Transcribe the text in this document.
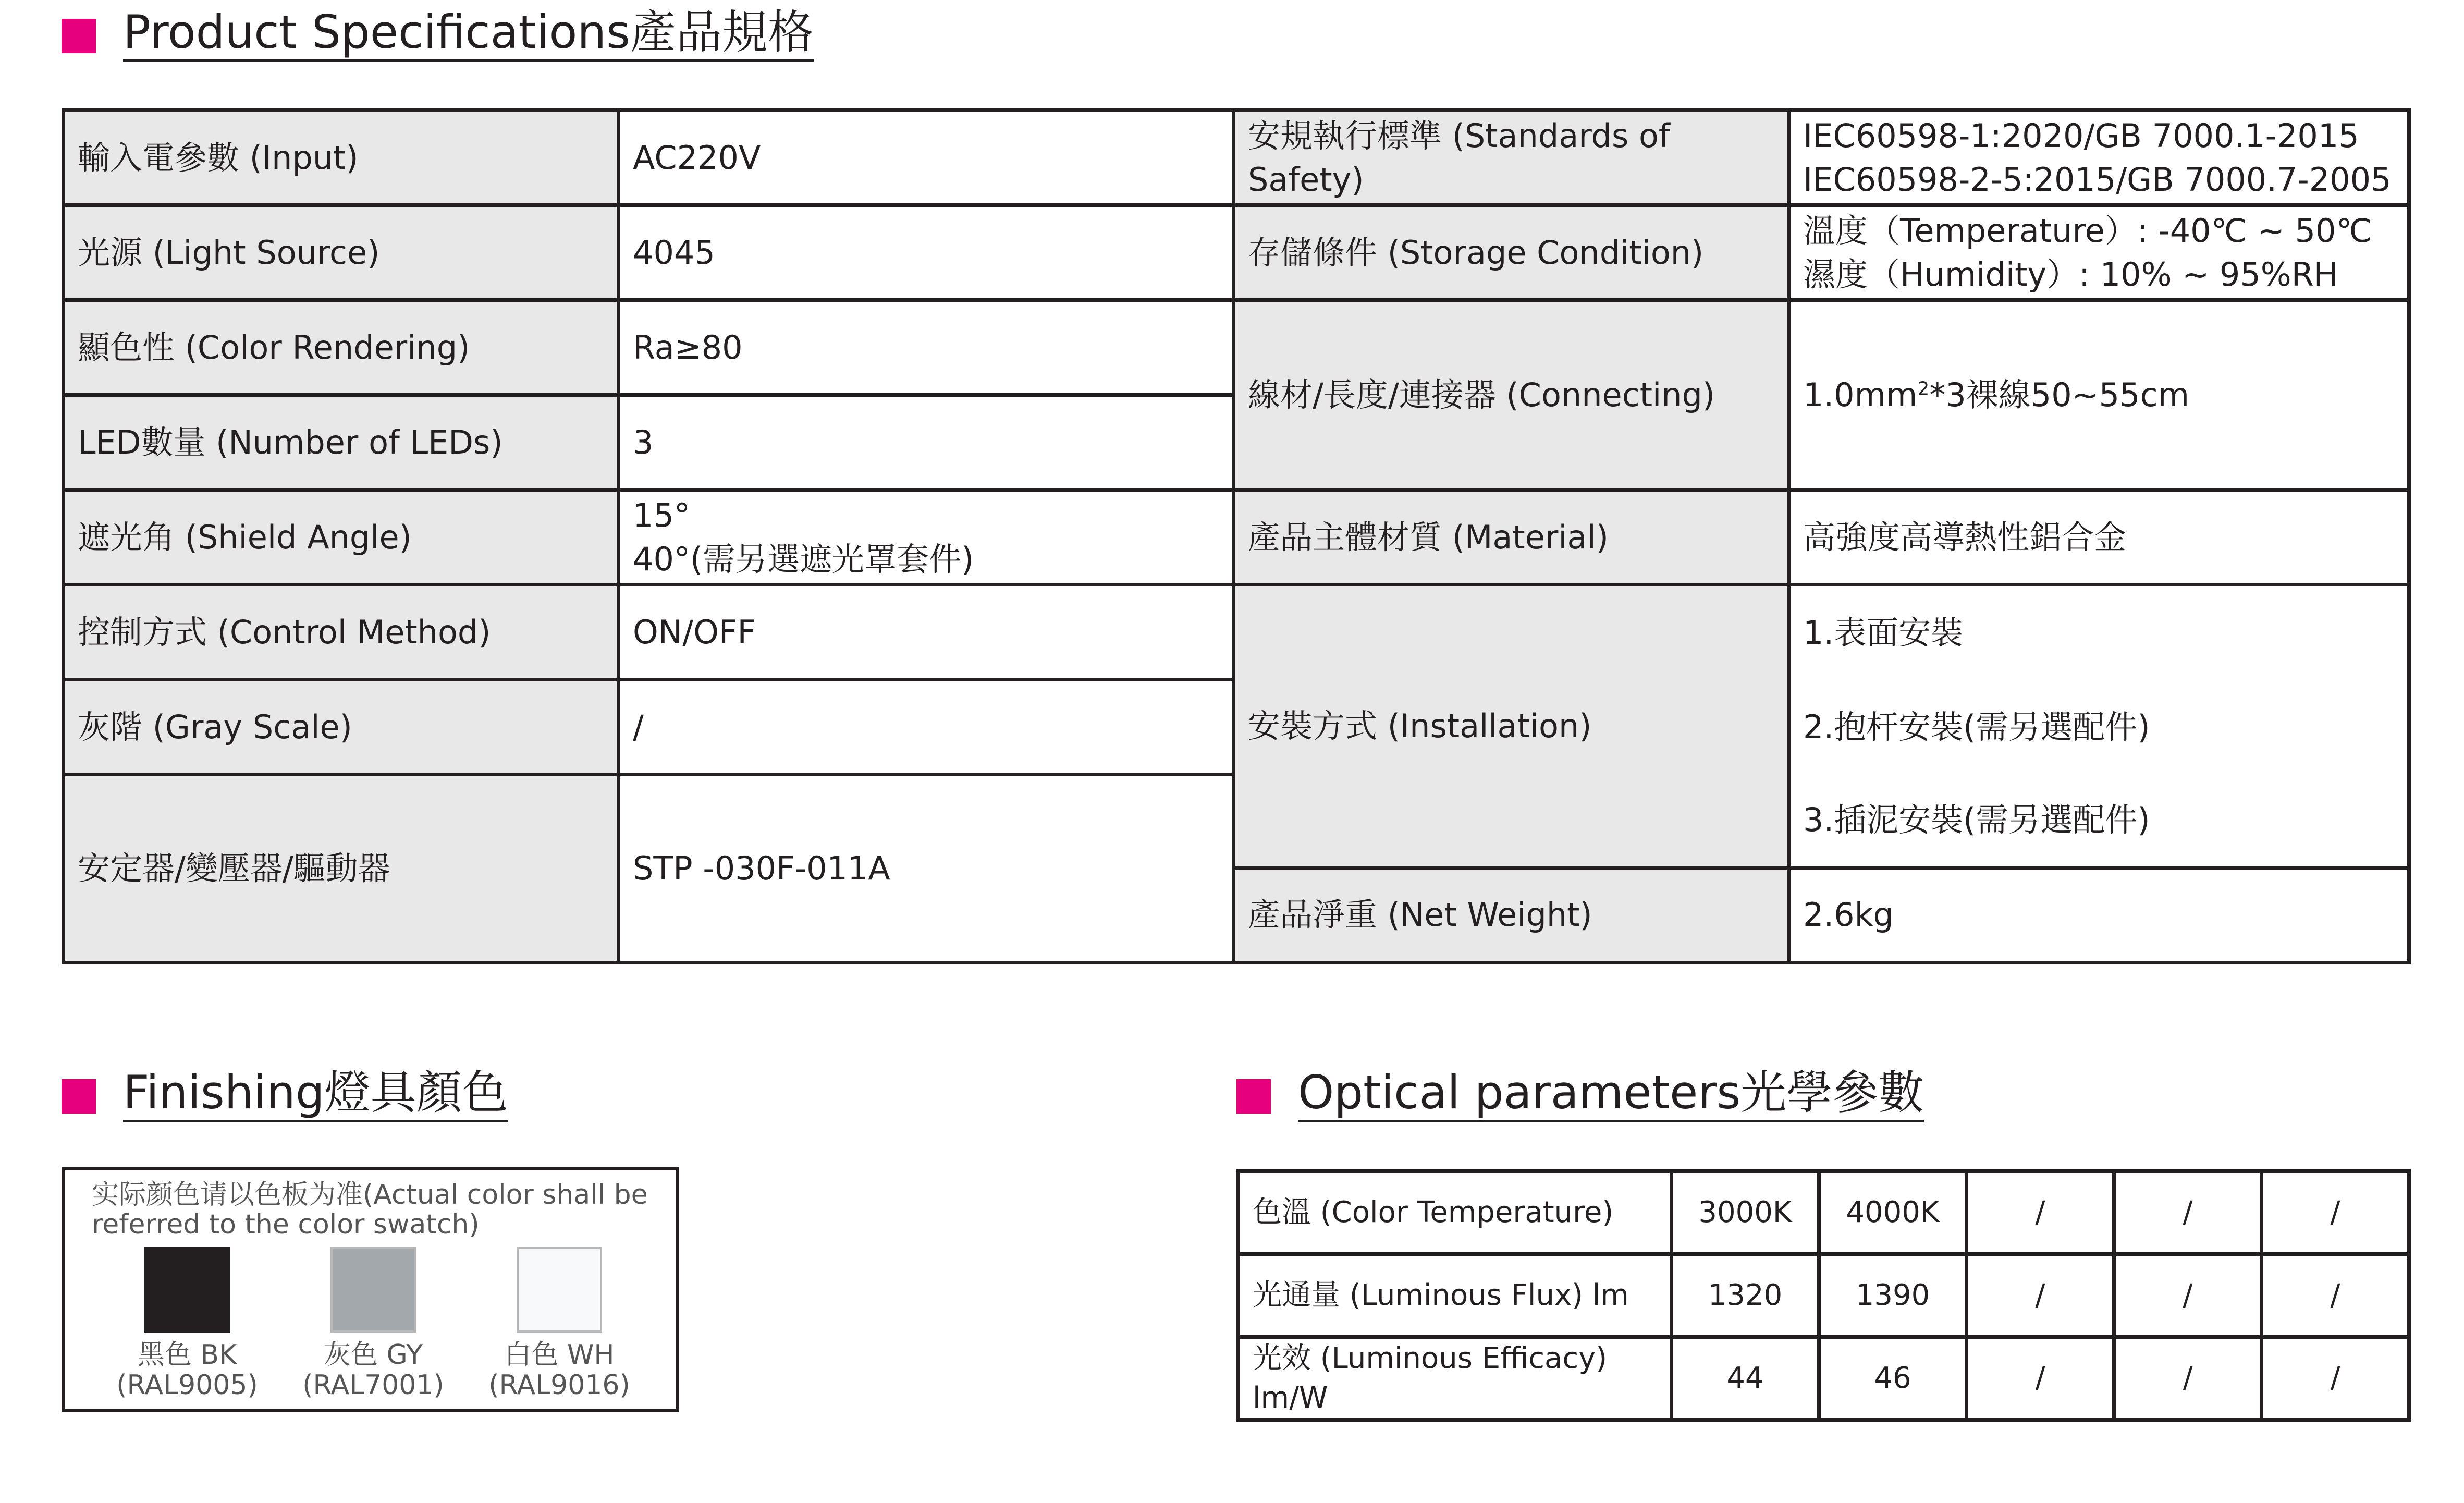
Product Specifications產品規格
輸入電參數 (Input)	AC220V	安規執行標準 (Standards of Safety)	IEC60598-1:2020/GB 7000.1-2015
IEC60598-2-5:2015/GB 7000.7-2005

光源 (Light Source)	4045	存儲條件 (Storage Condition)	溫度（Temperature）: -40℃ ~ 50℃
濕度（Humidity）: 10% ~ 95%RH

顯色性 (Color Rendering)	Ra≥80	線材/長度/連接器 (Connecting)	$1.0mm^2*3$裸線50~55cm
LED數量 (Number of LEDs)	3		
遮光角 (Shield Angle)	15°
40°(需另選遮光罩套件)	產品主體材質 (Material)	高強度高導熱性鋁合金
控制方式 (Control Method)	ON/OFF	安裝方式 (Installation)	1.表面安裝
灰階 (Gray Scale)	/		2.抱杆安裝(需另選配件)
安定器/變壓器/驅動器	STP -030F-011A		3.插泥安裝(需另選配件)
		產品淨重 (Net Weight)	2.6kg
Finishing燈具顏色
实际颜色请以色板为准(Actual color shall be referred to the color swatch)
黑色 BK
(RAL9005)
灰色 GY
(RAL7001)
白色 WH
(RAL9016)
Optical parameters光學參數
色溫 (Color Temperature)	3000K	4000K	/	/	/
光通量 (Luminous Flux) lm	1320	1390	/	/	/
光效 (Luminous Efficacy) lm/W	44	46	/	/	/
